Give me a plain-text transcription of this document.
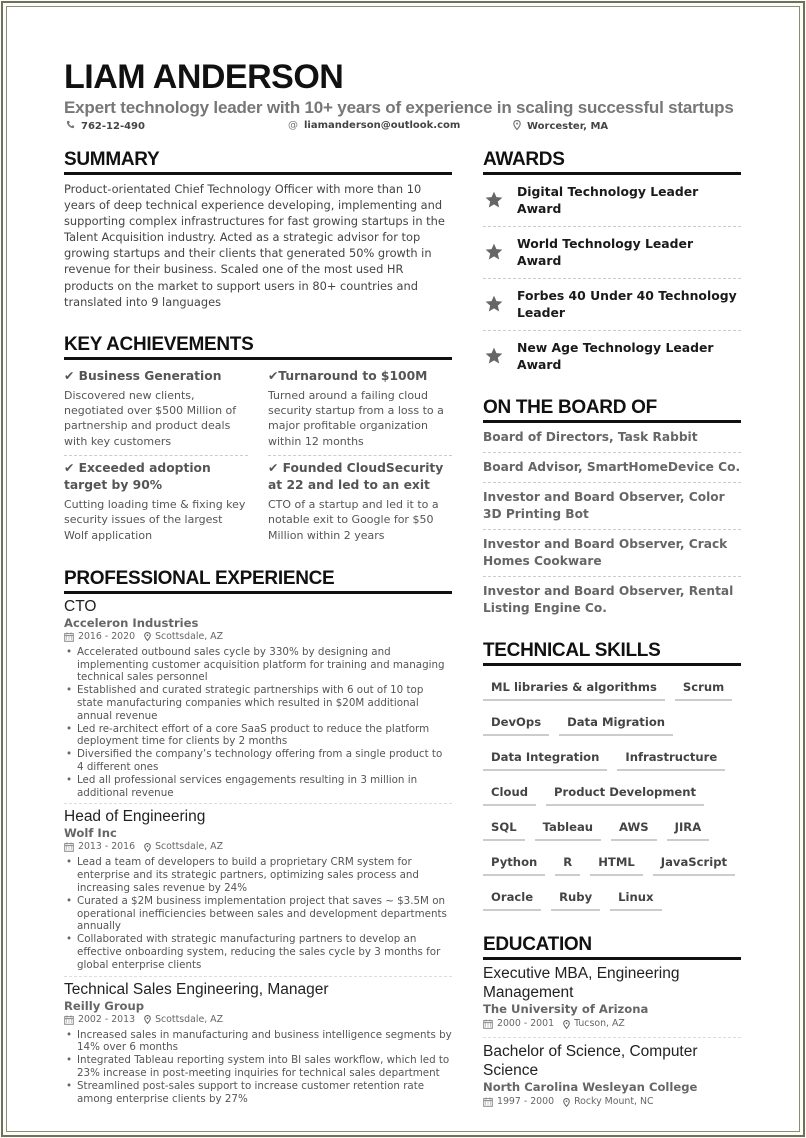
LIAM ANDERSON
Expert technology leader with 10+ years of experience in scaling successful startups
762-12-490	@ liamanderson@outlook.com	Worcester, MA
SUMMARY

Product-orientated Chief Technology Officer with more than 10 years of deep technical experience developing, implementing and supporting complex infrastructures for fast growing startups in the Talent Acquisition industry. Acted as a strategic advisor for top growing startups and their clients that generated 50% growth in revenue for their business. Scaled one of the most used HR products on the market to support users in 80+ countries and translated into 9 languages

KEY ACHIEVEMENTS
✔ Business Generation
Discovered new clients, negotiated over $500 Million of partnership and product deals with key customers
✔Turnaround to $100M
Turned around a failing cloud security startup from a loss to a major profitable organization within 12 months
✔ Exceeded adoption target by 90%
Cutting loading time & fixing key security issues of the largest Wolf application
✔ Founded CloudSecurity at 22 and led to an exit
CTO of a startup and led it to a notable exit to Google for $50 Million within 2 years
PROFESSIONAL EXPERIENCE
CTO
Acceleron Industries
2016 - 2020 Scottsdale, AZ
• Accelerated outbound sales cycle by 330% by designing and implementing customer acquisition platform for training and managing technical sales personnel
• Established and curated strategic partnerships with 6 out of 10 top state manufacturing companies which resulted in $20M additional annual revenue
• Led re-architect effort of a core SaaS product to reduce the platform deployment time for clients by 2 months
• Diversified the company’s technology offering from a single product to 4 different ones
• Led all professional services engagements resulting in 3 million in additional revenue
Head of Engineering
Wolf Inc
2013 - 2016 Scottsdale, AZ
• Lead a team of developers to build a proprietary CRM system for enterprise and its strategic partners, optimizing sales process and increasing sales revenue by 24%
• Curated a $2M business implementation project that saves ~ $3.5M on operational inefficiencies between sales and development departments annually
• Collaborated with strategic manufacturing partners to develop an effective onboarding system, reducing the sales cycle by 3 months for global enterprise clients
Technical Sales Engineering, Manager
Reilly Group
2002 - 2013 Scottsdale, AZ
• Increased sales in manufacturing and business intelligence segments by 14% over 6 months
• Integrated Tableau reporting system into BI sales workflow, which led to 23% increase in post-meeting inquiries for technical sales department
• Streamlined post-sales support to increase customer retention rate among enterprise clients by 27%
AWARDS
Digital Technology Leader Award
World Technology Leader Award
Forbes 40 Under 40 Technology Leader
New Age Technology Leader Award
ON THE BOARD OF
Board of Directors, Task Rabbit
Board Advisor, SmartHomeDevice Co.
Investor and Board Observer, Color 3D Printing Bot
Investor and Board Observer, Crack Homes Cookware
Investor and Board Observer, Rental Listing Engine Co.
TECHNICAL SKILLS
ML libraries & algorithms	Scrum
DevOps	Data Migration
Data Integration	Infrastructure
Cloud	Product Development
SQL	Tableau	AWS	JIRA
Python	R	HTML	JavaScript
Oracle	Ruby	Linux
EDUCATION
Executive MBA, Engineering Management
The University of Arizona
2000 - 2001 Tucson, AZ
Bachelor of Science, Computer Science
North Carolina Wesleyan College
1997 - 2000 Rocky Mount, NC
